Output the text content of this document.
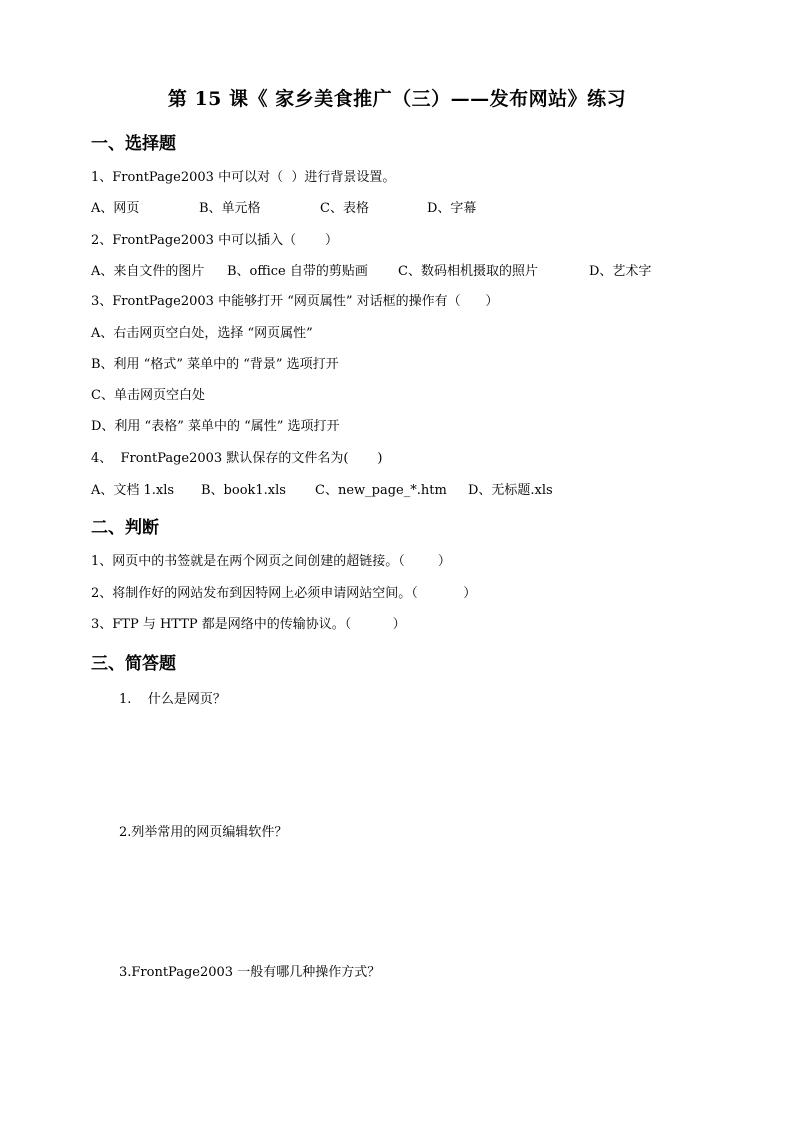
第 15 课《 家乡美食推广（三）——发布网站》练习
一、选择题
1、FrontPage2003 中可以对（  ）进行背景设置。
A、网页	B、单元格	C、表格	D、字幕
2、FrontPage2003 中可以插入（       ）
A、来自文件的图片 B、office 自带的剪贴画 C、数码相机摄取的照片	D、艺术字
3、FrontPage2003 中能够打开 “网页属性” 对话框的操作有（      ）
A、右击网页空白处，选择 “网页属性”
B、利用 “格式” 菜单中的 “背景” 选项打开
C、单击网页空白处
D、利用 “表格” 菜单中的 “属性” 选项打开
4、  FrontPage2003 默认保存的文件名为(       )
A、文档 1.xls B、book1.xls C、new_page_*.htm D、无标题.xls
二、判断
1、网页中的书签就是在两个网页之间创建的超链接。（        ）
2、将制作好的网站发布到因特网上必须申请网站空间。（           ）
3、FTP 与 HTTP 都是网络中的传输协议。（          ）
三、简答题
1.    什么是网页？
2.列举常用的网页编辑软件？
3.FrontPage2003 一般有哪几种操作方式？
